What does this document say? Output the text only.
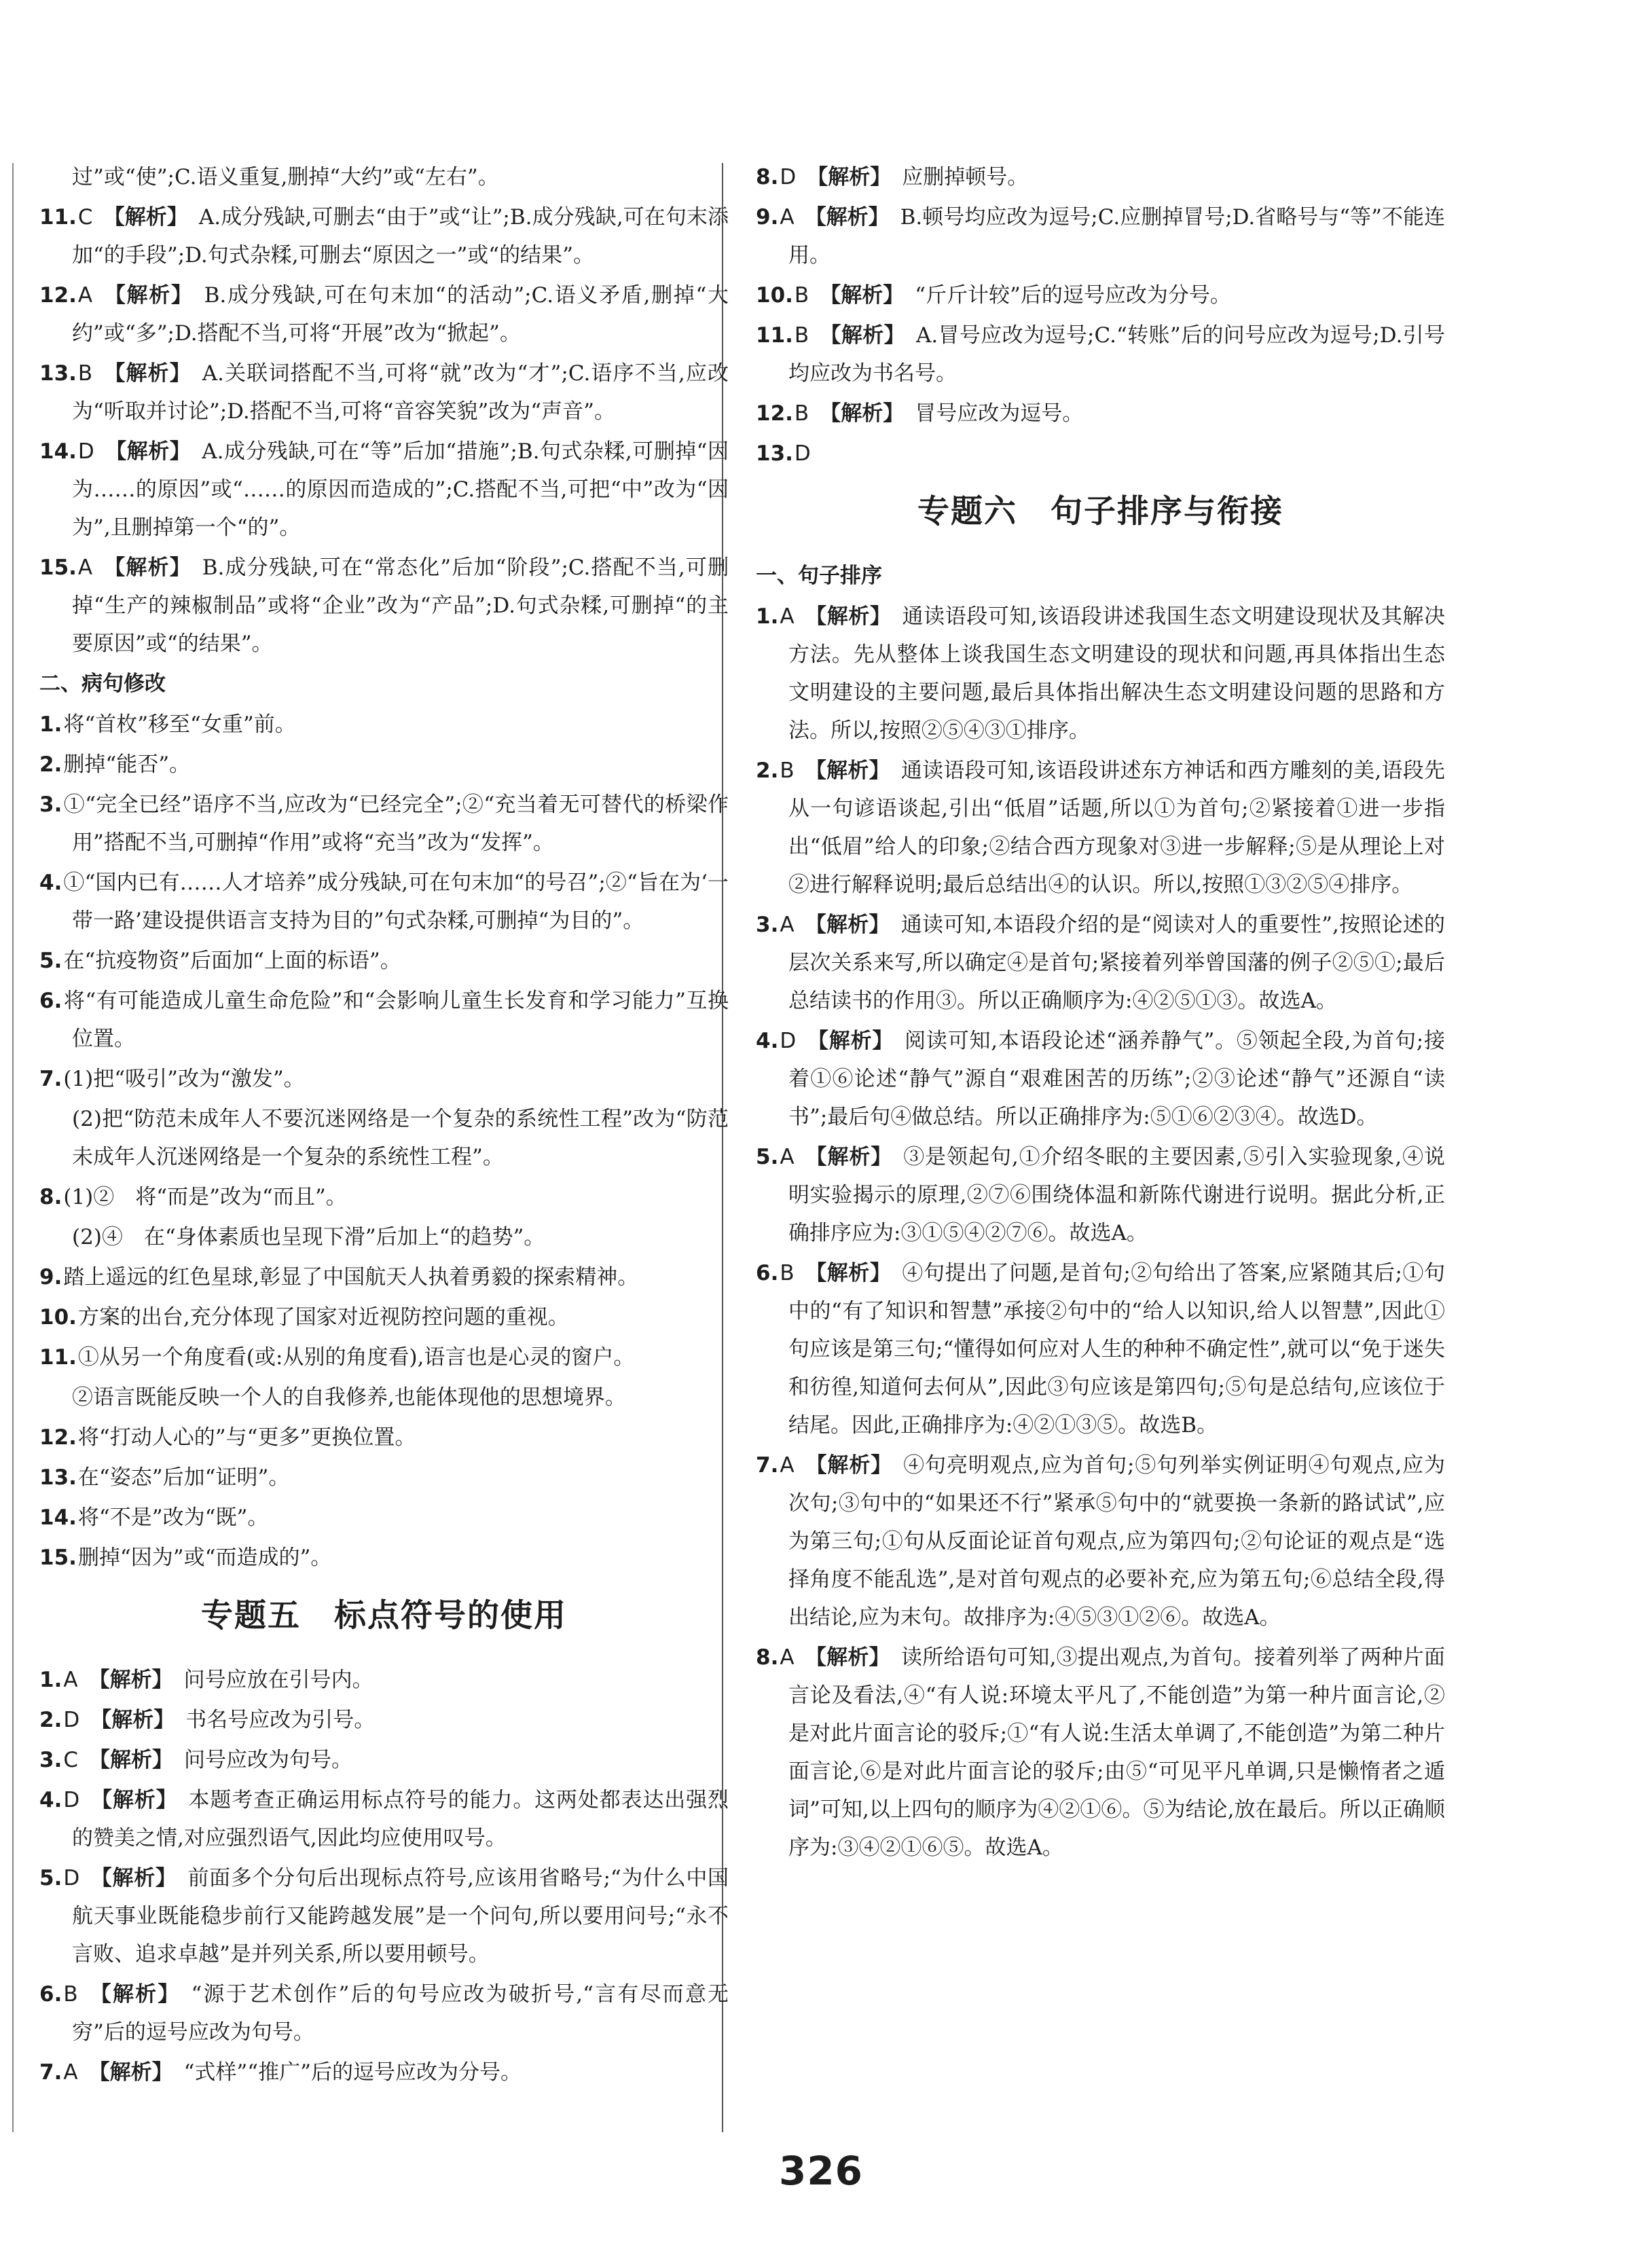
过”或“使”;C.语义重复,删掉“大约”或“左右”。
11.C 【解析】 A.成分残缺,可删去“由于”或“让”;B.成分残缺,可在句末添加“的手段”;D.句式杂糅,可删去“原因之一”或“的结果”。
12.A 【解析】 B.成分残缺,可在句末加“的活动”;C.语义矛盾,删掉“大约”或“多”;D.搭配不当,可将“开展”改为“掀起”。
13.B 【解析】 A.关联词搭配不当,可将“就”改为“才”;C.语序不当,应改为“听取并讨论”;D.搭配不当,可将“音容笑貌”改为“声音”。
14.D 【解析】 A.成分残缺,可在“等”后加“措施”;B.句式杂糅,可删掉“因为……的原因”或“……的原因而造成的”;C.搭配不当,可把“中”改为“因为”,且删掉第一个“的”。
15.A 【解析】 B.成分残缺,可在“常态化”后加“阶段”;C.搭配不当,可删掉“生产的辣椒制品”或将“企业”改为“产品”;D.句式杂糅,可删掉“的主要原因”或“的结果”。
二、病句修改
1.将“首枚”移至“女重”前。
2.删掉“能否”。
3.①“完全已经”语序不当,应改为“已经完全”;②“充当着无可替代的桥梁作用”搭配不当,可删掉“作用”或将“充当”改为“发挥”。
4.①“国内已有……人才培养”成分残缺,可在句末加“的号召”;②“旨在为‘一带一路’建设提供语言支持为目的”句式杂糅,可删掉“为目的”。
5.在“抗疫物资”后面加“上面的标语”。
6.将“有可能造成儿童生命危险”和“会影响儿童生长发育和学习能力”互换位置。
7.(1)把“吸引”改为“激发”。
(2)把“防范未成年人不要沉迷网络是一个复杂的系统性工程”改为“防范未成年人沉迷网络是一个复杂的系统性工程”。
8.(1)②　将“而是”改为“而且”。
(2)④　在“身体素质也呈现下滑”后加上“的趋势”。
9.踏上遥远的红色星球,彰显了中国航天人执着勇毅的探索精神。
10.方案的出台,充分体现了国家对近视防控问题的重视。
11.①从另一个角度看(或:从别的角度看),语言也是心灵的窗户。
②语言既能反映一个人的自我修养,也能体现他的思想境界。
12.将“打动人心的”与“更多”更换位置。
13.在“姿态”后加“证明”。
14.将“不是”改为“既”。
15.删掉“因为”或“而造成的”。
专题五　标点符号的使用
1.A 【解析】 问号应放在引号内。
2.D 【解析】 书名号应改为引号。
3.C 【解析】 问号应改为句号。
4.D 【解析】 本题考查正确运用标点符号的能力。这两处都表达出强烈的赞美之情,对应强烈语气,因此均应使用叹号。
5.D 【解析】 前面多个分句后出现标点符号,应该用省略号;“为什么中国航天事业既能稳步前行又能跨越发展”是一个问句,所以要用问号;“永不言败、追求卓越”是并列关系,所以要用顿号。
6.B 【解析】 “源于艺术创作”后的句号应改为破折号,“言有尽而意无穷”后的逗号应改为句号。
7.A 【解析】 “式样”“推广”后的逗号应改为分号。
8.D 【解析】 应删掉顿号。
9.A 【解析】 B.顿号均应改为逗号;C.应删掉冒号;D.省略号与“等”不能连用。
10.B 【解析】 “斤斤计较”后的逗号应改为分号。
11.B 【解析】 A.冒号应改为逗号;C.“转账”后的问号应改为逗号;D.引号均应改为书名号。
12.B 【解析】 冒号应改为逗号。
13.D
专题六　句子排序与衔接
一、句子排序
1.A 【解析】 通读语段可知,该语段讲述我国生态文明建设现状及其解决方法。先从整体上谈我国生态文明建设的现状和问题,再具体指出生态文明建设的主要问题,最后具体指出解决生态文明建设问题的思路和方法。所以,按照②⑤④③①排序。
2.B 【解析】 通读语段可知,该语段讲述东方神话和西方雕刻的美,语段先从一句谚语谈起,引出“低眉”话题,所以①为首句;②紧接着①进一步指出“低眉”给人的印象;②结合西方现象对③进一步解释;⑤是从理论上对②进行解释说明;最后总结出④的认识。所以,按照①③②⑤④排序。
3.A 【解析】 通读可知,本语段介绍的是“阅读对人的重要性”,按照论述的层次关系来写,所以确定④是首句;紧接着列举曾国藩的例子②⑤①;最后总结读书的作用③。所以正确顺序为:④②⑤①③。故选A。
4.D 【解析】 阅读可知,本语段论述“涵养静气”。⑤领起全段,为首句;接着①⑥论述“静气”源自“艰难困苦的历练”;②③论述“静气”还源自“读书”;最后句④做总结。所以正确排序为:⑤①⑥②③④。故选D。
5.A 【解析】 ③是领起句,①介绍冬眠的主要因素,⑤引入实验现象,④说明实验揭示的原理,②⑦⑥围绕体温和新陈代谢进行说明。据此分析,正确排序应为:③①⑤④②⑦⑥。故选A。
6.B 【解析】 ④句提出了问题,是首句;②句给出了答案,应紧随其后;①句中的“有了知识和智慧”承接②句中的“给人以知识,给人以智慧”,因此①句应该是第三句;“懂得如何应对人生的种种不确定性”,就可以“免于迷失和彷徨,知道何去何从”,因此③句应该是第四句;⑤句是总结句,应该位于结尾。因此,正确排序为:④②①③⑤。故选B。
7.A 【解析】 ④句亮明观点,应为首句;⑤句列举实例证明④句观点,应为次句;③句中的“如果还不行”紧承⑤句中的“就要换一条新的路试试”,应为第三句;①句从反面论证首句观点,应为第四句;②句论证的观点是“选择角度不能乱选”,是对首句观点的必要补充,应为第五句;⑥总结全段,得出结论,应为末句。故排序为:④⑤③①②⑥。故选A。
8.A 【解析】 读所给语句可知,③提出观点,为首句。接着列举了两种片面言论及看法,④“有人说:环境太平凡了,不能创造”为第一种片面言论,②是对此片面言论的驳斥;①“有人说:生活太单调了,不能创造”为第二种片面言论,⑥是对此片面言论的驳斥;由⑤“可见平凡单调,只是懒惰者之遁词”可知,以上四句的顺序为④②①⑥。⑤为结论,放在最后。所以正确顺序为:③④②①⑥⑤。故选A。
326
